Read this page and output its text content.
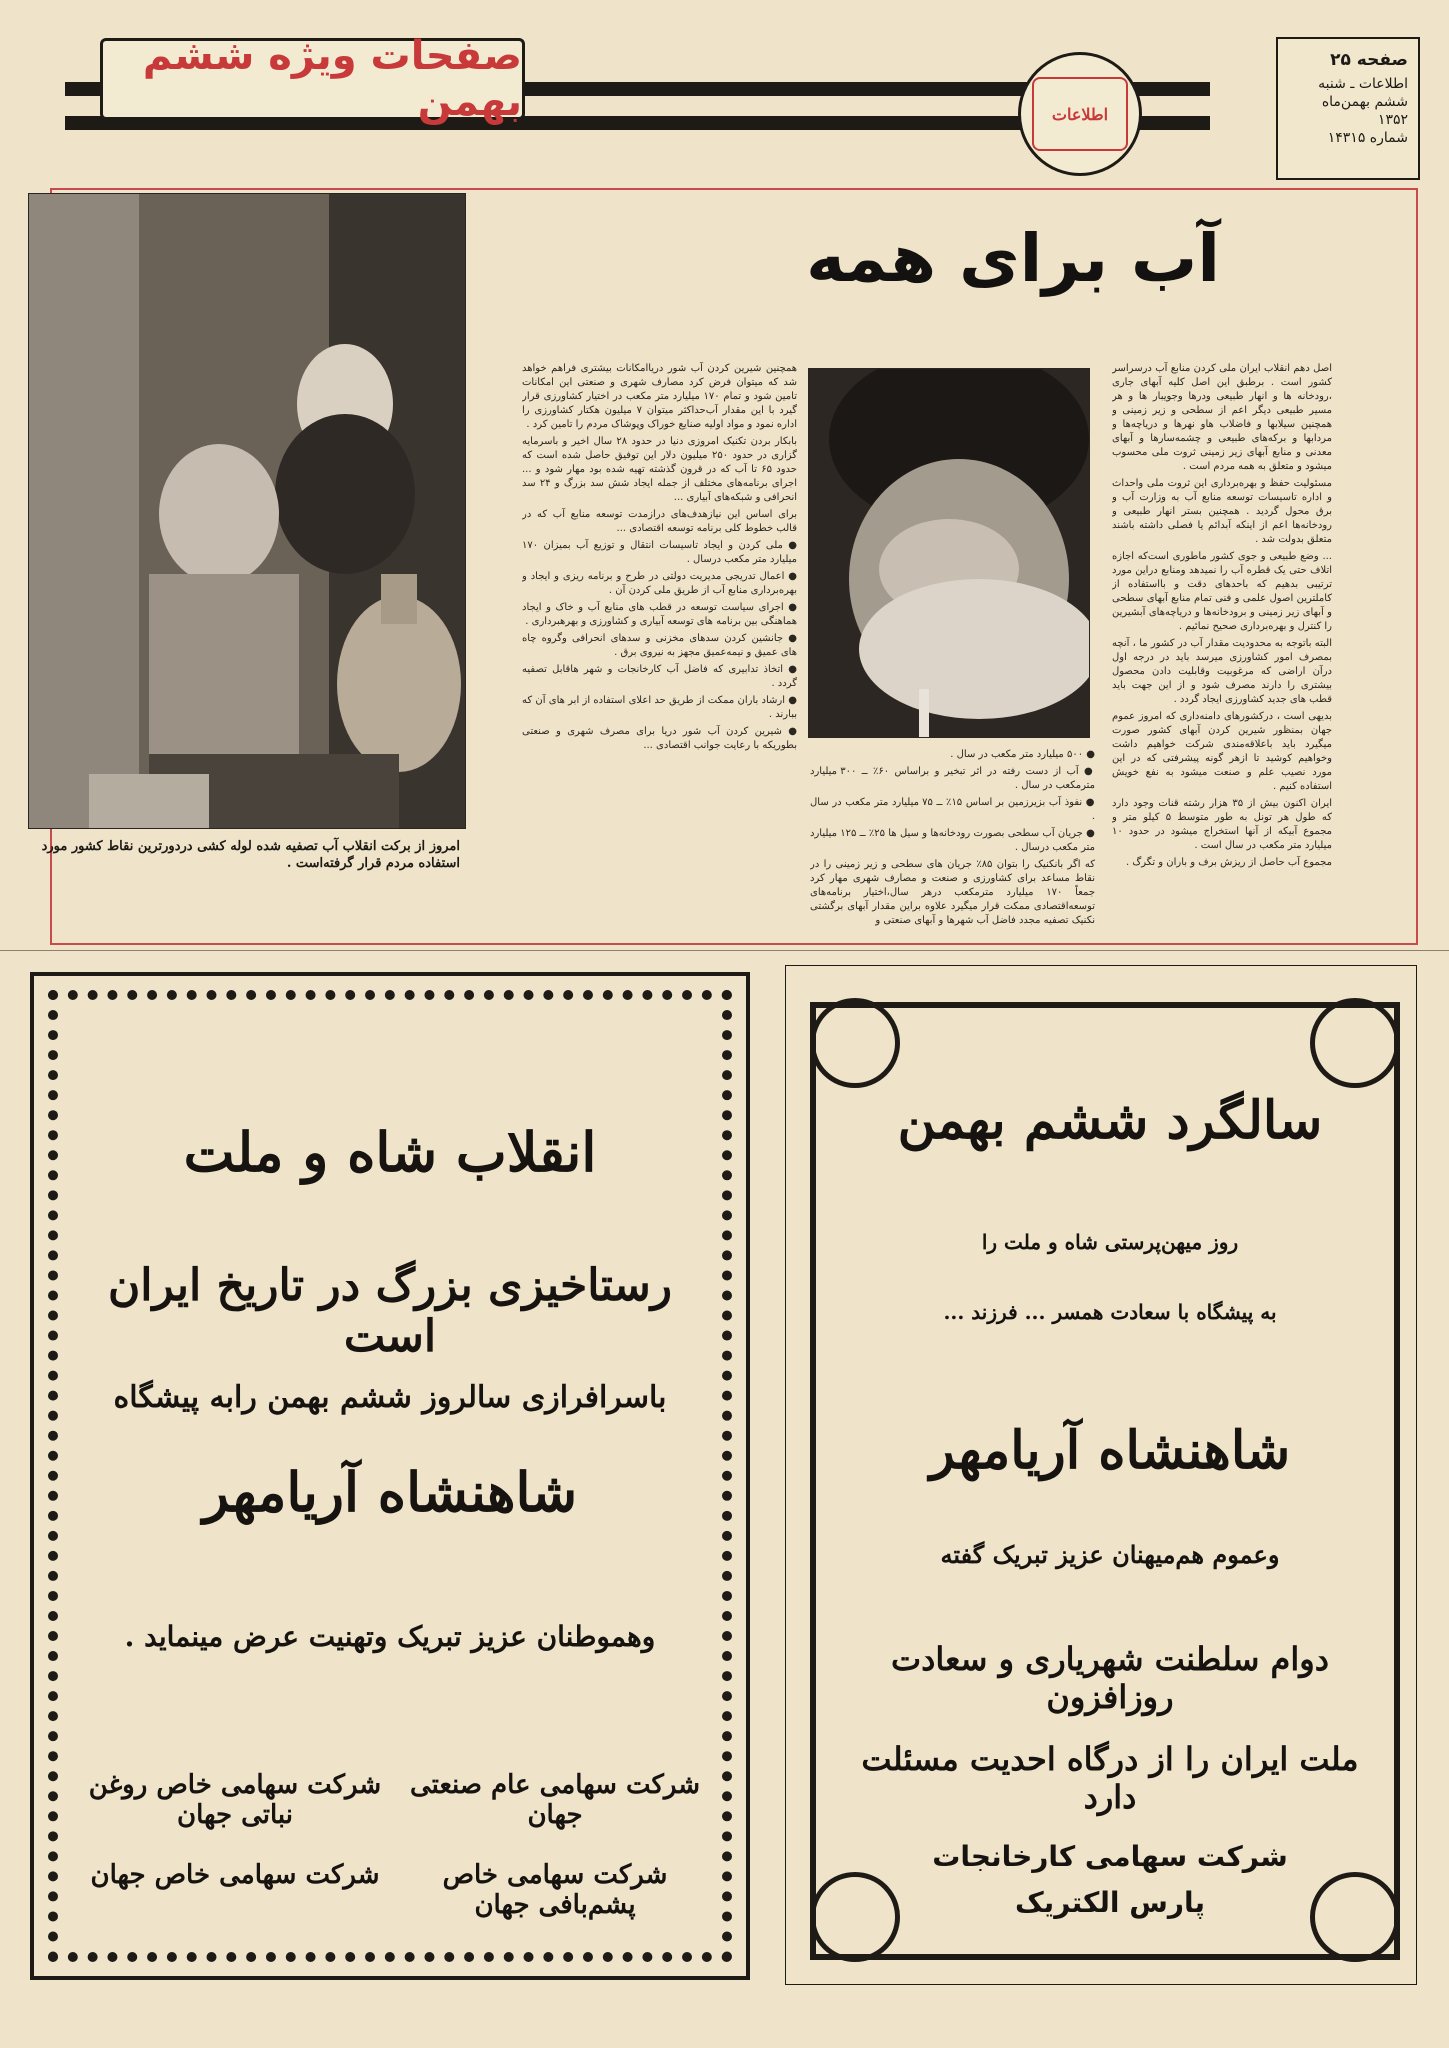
صفحات ویژه ششم بهمن	اطلاعات
صفحه ۲۵
اطلاعات ـ شنبه
ششم بهمن‌ماه ۱۳۵۲
شماره ۱۴۳۱۵
آب برای همه
امروز از برکت انقلاب آب تصفیه شده لوله کشی دردورترین نقاط کشور مورد استفاده مردم قرار گرفته‌است .

اصل دهم انقلاب ایران ملی کردن منابع آب درسراسر کشور است . برطبق این اصل کلیه آبهای جاری ،رودخانه ها و انهار طبیعی ودرها وجویبار ها و هر مسیر طبیعی دیگر اعم از سطحی و زیر زمینی و همچنین سیلابها و فاضلاب هاو نهرها و دریاچه‌ها و مردابها و برکه‌های طبیعی و چشمه‌سارها و آبهای معدنی و منابع آبهای زیر زمینی ثروت ملی محسوب میشود و متعلق به همه مردم است .

مسئولیت حفظ و بهره‌برداری این ثروت ملی واحداث و اداره تاسیسات توسعه منابع آب به وزارت آب و برق محول گردید . همچنین بستر انهار طبیعی و رودخانه‌ها اعم از اینکه آبدائم یا فصلی داشته باشند متعلق بدولت شد .

... وضع طبیعی و جوی کشور ماطوری است‌که اجازه اتلاف حتی یک قطره آب را نمیدهد ومنابع دراین مورد ترتیبی بدهیم که باحدهای دقت و بااستفاده از کاملترین اصول علمی و فنی تمام منابع آبهای سطحی و آبهای زیر زمینی و برودخانه‌ها و دریاچه‌های آبشیرین را کنترل و بهره‌برداری صحیح نمائیم .

البته باتوجه به محدودیت مقدار آب در کشور ما ، آنچه بمصرف امور کشاورزی میرسد باید در درجه اول درآن اراضی که مرغوبیت وقابلیت دادن محصول بیشتری را دارند مصرف شود و از این جهت باید قطب های جدید کشاورزی ایجاد گردد .

بدیهی است ، درکشورهای دامنه‌داری که امروز عموم جهان بمنظور شیرین کردن آبهای کشور صورت میگیرد باید باعلاقه‌مندی شرکت خواهیم داشت وخواهیم کوشید تا ازهر گونه پیشرفتی که در این مورد نصیب علم و صنعت میشود به نفع خویش استفاده کنیم .

ایران اکنون بیش از ۳۵ هزار رشته قنات وجود دارد که طول هر تونل به طور متوسط ۵ کیلو متر و مجموع آبیکه از آنها استخراج میشود در حدود ۱۰ میلیارد متر مکعب در سال است .

مجموع آب حاصل از ریزش برف و باران و تگرگ .

● ۵۰۰ میلیارد متر مکعب در سال .

● آب از دست رفته در اثر تبخیر و براساس ۶۰٪ ــ ۳۰۰ میلیارد مترمکعب در سال .

● نفوذ آب بزیرزمین بر اساس ۱۵٪ ــ ۷۵ میلیارد متر مکعب در سال .

● جریان آب سطحی بصورت رودخانه‌ها و سیل ها ۲۵٪ ــ ۱۲۵ میلیارد متر مکعب درسال .

که اگر بانکنیک را بتوان ۸۵٪ جریان های سطحی و زیر زمینی را در نقاط مساعد برای کشاورزی و صنعت و مصارف شهری مهار کرد جمعاً ۱۷۰ میلیارد مترمکعب درهر سال،اختیار برنامه‌های توسعه‌اقتصادی ممکت قرار میگیرد علاوه براین مقدار آبهای برگشتی نکنیک تصفیه مجدد فاضل آب شهرها و آبهای صنعتی و

همچنین شیرین کردن آب شور دریاامکانات بیشتری فراهم خواهد شد که میتوان فرض کرد مصارف شهری و صنعتی این امکانات تامین شود و تمام ۱۷۰ میلیارد متر مکعب در اختیار کشاورزی قرار گیرد با این مقدار آب‌حداکثر میتوان ۷ میلیون هکتار کشاورزی را اداره نمود و مواد اولیه صنایع خوراک وپوشاک مردم را تامین کرد .

بابکار بردن تکنیک امروزی دنیا در حدود ۲۸ سال اخیر و باسرمایه گزاری در حدود ۲۵۰ میلیون دلار این توفیق حاصل شده است که حدود ۶۵ تا آب که در قرون گذشته تهیه شده بود مهار شود و ... اجرای برنامه‌های مختلف از جمله ایجاد شش سد بزرگ و ۲۴ سد انحرافی و شبکه‌های آبیاری ...

برای اساس این نیازهدف‌های درازمدت توسعه منابع آب که در قالب خطوط کلی برنامه توسعه اقتصادی ...

● ملی کردن و ایجاد تاسیسات انتقال و توزیع آب بمیزان ۱۷۰ میلیارد متر مکعب درسال .

● اعمال تدریجی مدیریت دولتی در طرح و برنامه ریزی و ایجاد و بهره‌برداری منابع آب از طریق ملی کردن آن .

● اجرای سیاست توسعه در قطب های منابع آب و خاک و ایجاد هماهنگی بین برنامه های توسعه آبیاری و کشاورزی و بهرهبرداری .

● جانشین کردن سدهای مخزنی و سدهای انحرافی وگروه چاه های عمیق و نیمه‌عمیق مجهز به نیروی برق .

● اتخاذ تدابیری که فاضل آب کارخانجات و شهر هاقابل تصفیه گردد .

● ارشاد باران ممکت از طریق حد اعلای استفاده از ابر های آن که ببارند .

● شیرین کردن آب شور دریا برای مصرف شهری و صنعتی بطوریکه با رعایت جوانب اقتصادی ...

انقلاب شاه و ملت
رستاخیزی بزرگ در تاریخ ایران است
باسرافرازی سالروز ششم بهمن رابه پیشگاه
شاهنشاه آریامهر
وهموطنان عزیز تبریک وتهنیت عرض مینماید .
شرکت سهامی عام صنعتی جهان
شرکت سهامی خاص روغن نباتی جهان
شرکت سهامی خاص پشم‌بافی جهان
شرکت سهامی خاص جهان
سالگرد ششم بهمن
روز میهن‌پرستی شاه و ملت را
به پیشگاه با سعادت همسر ... فرزند ...
شاهنشاه آریامهر
وعموم هم‌میهنان عزیز تبریک گفته
دوام سلطنت شهریاری و سعادت روزافزون
ملت ایران را از درگاه احدیت مسئلت دارد
شرکت سهامی کارخانجات
پارس الکتریک
